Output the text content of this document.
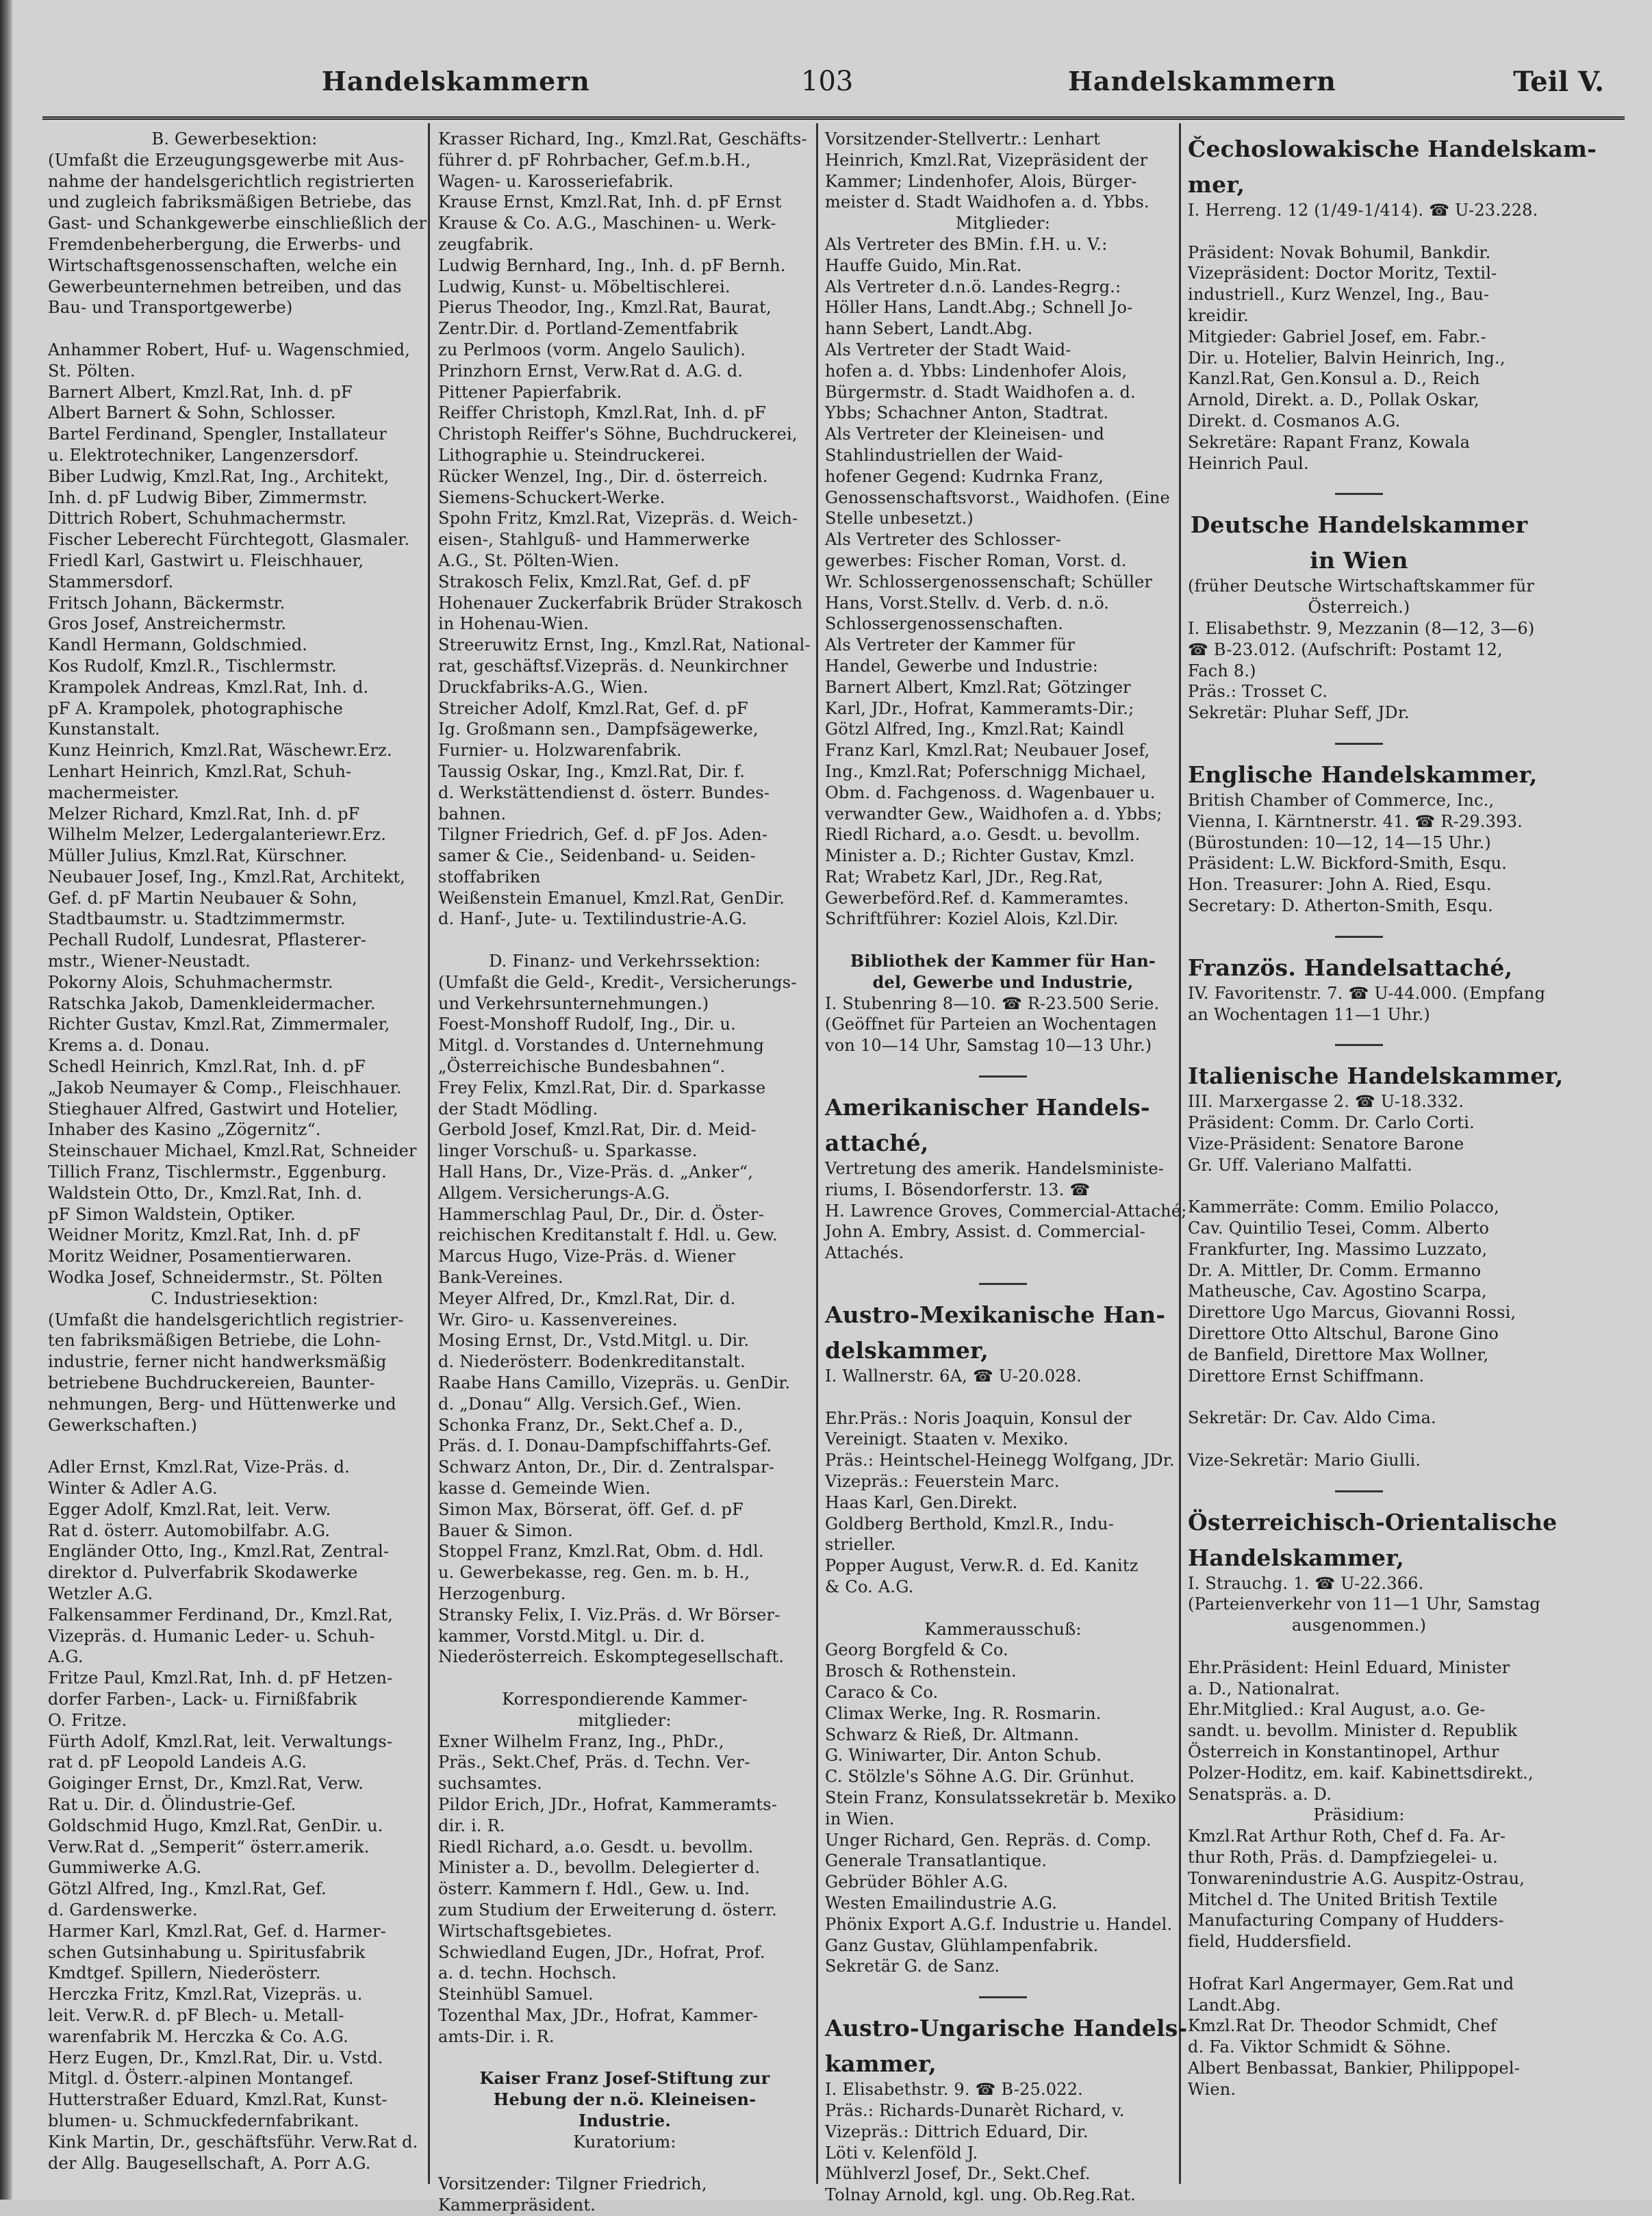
Handelskammern	103	Handelskammern	Teil V.
B. Gewerbesektion:
(Umfaßt die Erzeugungsgewerbe mit Aus-
nahme der handelsgerichtlich registrierten
und zugleich fabriksmäßigen Betriebe, das
Gast- und Schankgewerbe einschließlich der
Fremdenbeherbergung, die Erwerbs- und
Wirtschaftsgenossenschaften, welche ein
Gewerbeunternehmen betreiben, und das
Bau- und Transportgewerbe)

Anhammer Robert, Huf- u. Wagenschmied,
St. Pölten.
Barnert Albert, Kmzl.Rat, Inh. d. pF
Albert Barnert & Sohn, Schlosser.
Bartel Ferdinand, Spengler, Installateur
u. Elektrotechniker, Langenzersdorf.
Biber Ludwig, Kmzl.Rat, Ing., Architekt,
Inh. d. pF Ludwig Biber, Zimmermstr.
Dittrich Robert, Schuhmachermstr.
Fischer Leberecht Fürchtegott, Glasmaler.
Friedl Karl, Gastwirt u. Fleischhauer,
Stammersdorf.
Fritsch Johann, Bäckermstr.
Gros Josef, Anstreichermstr.
Kandl Hermann, Goldschmied.
Kos Rudolf, Kmzl.R., Tischlermstr.
Krampolek Andreas, Kmzl.Rat, Inh. d.
pF A. Krampolek, photographische
Kunstanstalt.
Kunz Heinrich, Kmzl.Rat, Wäschewr.Erz.
Lenhart Heinrich, Kmzl.Rat, Schuh-
machermeister.
Melzer Richard, Kmzl.Rat, Inh. d. pF
Wilhelm Melzer, Ledergalanteriewr.Erz.
Müller Julius, Kmzl.Rat, Kürschner.
Neubauer Josef, Ing., Kmzl.Rat, Architekt,
Gef. d. pF Martin Neubauer & Sohn,
Stadtbaumstr. u. Stadtzimmermstr.
Pechall Rudolf, Lundesrat, Pflasterer-
mstr., Wiener-Neustadt.
Pokorny Alois, Schuhmachermstr.
Ratschka Jakob, Damenkleidermacher.
Richter Gustav, Kmzl.Rat, Zimmermaler,
Krems a. d. Donau.
Schedl Heinrich, Kmzl.Rat, Inh. d. pF
„Jakob Neumayer & Comp., Fleischhauer.
Stieghauer Alfred, Gastwirt und Hotelier,
Inhaber des Kasino „Zögernitz“.
Steinschauer Michael, Kmzl.Rat, Schneider
Tillich Franz, Tischlermstr., Eggenburg.
Waldstein Otto, Dr., Kmzl.Rat, Inh. d.
pF Simon Waldstein, Optiker.
Weidner Moritz, Kmzl.Rat, Inh. d. pF
Moritz Weidner, Posamentierwaren.
Wodka Josef, Schneidermstr., St. Pölten
C. Industriesektion:
(Umfaßt die handelsgerichtlich registrier-
ten fabriksmäßigen Betriebe, die Lohn-
industrie, ferner nicht handwerksmäßig
betriebene Buchdruckereien, Baunter-
nehmungen, Berg- und Hüttenwerke und
Gewerkschaften.)

Adler Ernst, Kmzl.Rat, Vize-Präs. d.
Winter & Adler A.G.
Egger Adolf, Kmzl.Rat, leit. Verw.
Rat d. österr. Automobilfabr. A.G.
Engländer Otto, Ing., Kmzl.Rat, Zentral-
direktor d. Pulverfabrik Skodawerke
Wetzler A.G.
Falkensammer Ferdinand, Dr., Kmzl.Rat,
Vizepräs. d. Humanic Leder- u. Schuh-
A.G.
Fritze Paul, Kmzl.Rat, Inh. d. pF Hetzen-
dorfer Farben-, Lack- u. Firnißfabrik
O. Fritze.
Fürth Adolf, Kmzl.Rat, leit. Verwaltungs-
rat d. pF Leopold Landeis A.G.
Goiginger Ernst, Dr., Kmzl.Rat, Verw.
Rat u. Dir. d. Ölindustrie-Gef.
Goldschmid Hugo, Kmzl.Rat, GenDir. u.
Verw.Rat d. „Semperit“ österr.amerik.
Gummiwerke A.G.
Götzl Alfred, Ing., Kmzl.Rat, Gef.
d. Gardenswerke.
Harmer Karl, Kmzl.Rat, Gef. d. Harmer-
schen Gutsinhabung u. Spiritusfabrik
Kmdtgef. Spillern, Niederösterr.
Herczka Fritz, Kmzl.Rat, Vizepräs. u.
leit. Verw.R. d. pF Blech- u. Metall-
warenfabrik M. Herczka & Co. A.G.
Herz Eugen, Dr., Kmzl.Rat, Dir. u. Vstd.
Mitgl. d. Österr.-alpinen Montangef.
Hutterstraßer Eduard, Kmzl.Rat, Kunst-
blumen- u. Schmuckfedernfabrikant.
Kink Martin, Dr., geschäftsführ. Verw.Rat d.
der Allg. Baugesellschaft, A. Porr A.G.
Krasser Richard, Ing., Kmzl.Rat, Geschäfts-
führer d. pF Rohrbacher, Gef.m.b.H.,
Wagen- u. Karosseriefabrik.
Krause Ernst, Kmzl.Rat, Inh. d. pF Ernst
Krause & Co. A.G., Maschinen- u. Werk-
zeugfabrik.
Ludwig Bernhard, Ing., Inh. d. pF Bernh.
Ludwig, Kunst- u. Möbeltischlerei.
Pierus Theodor, Ing., Kmzl.Rat, Baurat,
Zentr.Dir. d. Portland-Zementfabrik
zu Perlmoos (vorm. Angelo Saulich).
Prinzhorn Ernst, Verw.Rat d. A.G. d.
Pittener Papierfabrik.
Reiffer Christoph, Kmzl.Rat, Inh. d. pF
Christoph Reiffer's Söhne, Buchdruckerei,
Lithographie u. Steindruckerei.
Rücker Wenzel, Ing., Dir. d. österreich.
Siemens-Schuckert-Werke.
Spohn Fritz, Kmzl.Rat, Vizepräs. d. Weich-
eisen-, Stahlguß- und Hammerwerke
A.G., St. Pölten-Wien.
Strakosch Felix, Kmzl.Rat, Gef. d. pF
Hohenauer Zuckerfabrik Brüder Strakosch
in Hohenau-Wien.
Streeruwitz Ernst, Ing., Kmzl.Rat, National-
rat, geschäftsf.Vizepräs. d. Neunkirchner
Druckfabriks-A.G., Wien.
Streicher Adolf, Kmzl.Rat, Gef. d. pF
Ig. Großmann sen., Dampfsägewerke,
Furnier- u. Holzwarenfabrik.
Taussig Oskar, Ing., Kmzl.Rat, Dir. f.
d. Werkstättendienst d. österr. Bundes-
bahnen.
Tilgner Friedrich, Gef. d. pF Jos. Aden-
samer & Cie., Seidenband- u. Seiden-
stoffabriken
Weißenstein Emanuel, Kmzl.Rat, GenDir.
d. Hanf-, Jute- u. Textilindustrie-A.G.

D. Finanz- und Verkehrssektion:
(Umfaßt die Geld-, Kredit-, Versicherungs-
und Verkehrsunternehmungen.)
Foest-Monshoff Rudolf, Ing., Dir. u.
Mitgl. d. Vorstandes d. Unternehmung
„Österreichische Bundesbahnen“.
Frey Felix, Kmzl.Rat, Dir. d. Sparkasse
der Stadt Mödling.
Gerbold Josef, Kmzl.Rat, Dir. d. Meid-
linger Vorschuß- u. Sparkasse.
Hall Hans, Dr., Vize-Präs. d. „Anker“,
Allgem. Versicherungs-A.G.
Hammerschlag Paul, Dr., Dir. d. Öster-
reichischen Kreditanstalt f. Hdl. u. Gew.
Marcus Hugo, Vize-Präs. d. Wiener
Bank-Vereines.
Meyer Alfred, Dr., Kmzl.Rat, Dir. d.
Wr. Giro- u. Kassenvereines.
Mosing Ernst, Dr., Vstd.Mitgl. u. Dir.
d. Niederösterr. Bodenkreditanstalt.
Raabe Hans Camillo, Vizepräs. u. GenDir.
d. „Donau“ Allg. Versich.Gef., Wien.
Schonka Franz, Dr., Sekt.Chef a. D.,
Präs. d. I. Donau-Dampfschiffahrts-Gef.
Schwarz Anton, Dr., Dir. d. Zentralspar-
kasse d. Gemeinde Wien.
Simon Max, Börserat, öff. Gef. d. pF
Bauer & Simon.
Stoppel Franz, Kmzl.Rat, Obm. d. Hdl.
u. Gewerbekasse, reg. Gen. m. b. H.,
Herzogenburg.
Stransky Felix, I. Viz.Präs. d. Wr Börser-
kammer, Vorstd.Mitgl. u. Dir. d.
Niederösterreich. Eskomptegesellschaft.

Korrespondierende Kammer-
mitglieder:
Exner Wilhelm Franz, Ing., PhDr.,
Präs., Sekt.Chef, Präs. d. Techn. Ver-
suchsamtes.
Pildor Erich, JDr., Hofrat, Kammeramts-
dir. i. R.
Riedl Richard, a.o. Gesdt. u. bevollm.
Minister a. D., bevollm. Delegierter d.
österr. Kammern f. Hdl., Gew. u. Ind.
zum Studium der Erweiterung d. österr.
Wirtschaftsgebietes.
Schwiedland Eugen, JDr., Hofrat, Prof.
a. d. techn. Hochsch.
Steinhübl Samuel.
Tozenthal Max, JDr., Hofrat, Kammer-
amts-Dir. i. R.

Kaiser Franz Josef-Stiftung zur
Hebung der n.ö. Kleineisen-
Industrie.
Kuratorium:

Vorsitzender: Tilgner Friedrich,
Kammerpräsident.
Vorsitzender-Stellvertr.: Lenhart
Heinrich, Kmzl.Rat, Vizepräsident der
Kammer; Lindenhofer, Alois, Bürger-
meister d. Stadt Waidhofen a. d. Ybbs.
Mitglieder:
Als Vertreter des BMin. f.H. u. V.:
Hauffe Guido, Min.Rat.
Als Vertreter d.n.ö. Landes-Regrg.:
Höller Hans, Landt.Abg.; Schnell Jo-
hann Sebert, Landt.Abg.
Als Vertreter der Stadt Waid-
hofen a. d. Ybbs: Lindenhofer Alois,
Bürgermstr. d. Stadt Waidhofen a. d.
Ybbs; Schachner Anton, Stadtrat.
Als Vertreter der Kleineisen- und
Stahlindustriellen der Waid-
hofener Gegend: Kudrnka Franz,
Genossenschaftsvorst., Waidhofen. (Eine
Stelle unbesetzt.)
Als Vertreter des Schlosser-
gewerbes: Fischer Roman, Vorst. d.
Wr. Schlossergenossenschaft; Schüller
Hans, Vorst.Stellv. d. Verb. d. n.ö.
Schlossergenossenschaften.
Als Vertreter der Kammer für
Handel, Gewerbe und Industrie:
Barnert Albert, Kmzl.Rat; Götzinger
Karl, JDr., Hofrat, Kammeramts-Dir.;
Götzl Alfred, Ing., Kmzl.Rat; Kaindl
Franz Karl, Kmzl.Rat; Neubauer Josef,
Ing., Kmzl.Rat; Poferschnigg Michael,
Obm. d. Fachgenoss. d. Wagenbauer u.
verwandter Gew., Waidhofen a. d. Ybbs;
Riedl Richard, a.o. Gesdt. u. bevollm.
Minister a. D.; Richter Gustav, Kmzl.
Rat; Wrabetz Karl, JDr., Reg.Rat,
Gewerbeförd.Ref. d. Kammeramtes.
Schriftführer: Koziel Alois, Kzl.Dir.

Bibliothek der Kammer für Han-
del, Gewerbe und Industrie,
I. Stubenring 8—10. ☎ R-23.500 Serie.
(Geöffnet für Parteien an Wochentagen
von 10—14 Uhr, Samstag 10—13 Uhr.)
Amerikanischer Handels-
attaché,
Vertretung des amerik. Handelsministe-
riums, I. Bösendorferstr. 13. ☎
H. Lawrence Groves, Commercial-Attaché;
John A. Embry, Assist. d. Commercial-
Attachés.
Austro-Mexikanische Han-
delskammer,
I. Wallnerstr. 6A, ☎ U-20.028.

Ehr.Präs.: Noris Joaquin, Konsul der
Vereinigt. Staaten v. Mexiko.
Präs.: Heintschel-Heinegg Wolfgang, JDr.
Vizepräs.: Feuerstein Marc.
Haas Karl, Gen.Direkt.
Goldberg Berthold, Kmzl.R., Indu-
strieller.
Popper August, Verw.R. d. Ed. Kanitz
& Co. A.G.

Kammerausschuß:
Georg Borgfeld & Co.
Brosch & Rothenstein.
Caraco & Co.
Climax Werke, Ing. R. Rosmarin.
Schwarz & Rieß, Dr. Altmann.
G. Winiwarter, Dir. Anton Schub.
C. Stölzle's Söhne A.G. Dir. Grünhut.
Stein Franz, Konsulatssekretär b. Mexiko
in Wien.
Unger Richard, Gen. Repräs. d. Comp.
Generale Transatlantique.
Gebrüder Böhler A.G.
Westen Emailindustrie A.G.
Phönix Export A.G.f. Industrie u. Handel.
Ganz Gustav, Glühlampenfabrik.
Sekretär G. de Sanz.
Austro-Ungarische Handels-
kammer,
I. Elisabethstr. 9. ☎ B-25.022.
Präs.: Richards-Dunarèt Richard, v.
Vizepräs.: Dittrich Eduard, Dir.
Löti v. Kelenföld J.
Mühlverzl Josef, Dr., Sekt.Chef.
Tolnay Arnold, kgl. ung. Ob.Reg.Rat.
Čechoslowakische Handelskam-
mer,
I. Herreng. 12 (1/49-1/414). ☎ U-23.228.

Präsident: Novak Bohumil, Bankdir.
Vizepräsident: Doctor Moritz, Textil-
industriell., Kurz Wenzel, Ing., Bau-
kreidir.
Mitgieder: Gabriel Josef, em. Fabr.-
Dir. u. Hotelier, Balvin Heinrich, Ing.,
Kanzl.Rat, Gen.Konsul a. D., Reich
Arnold, Direkt. a. D., Pollak Oskar,
Direkt. d. Cosmanos A.G.
Sekretäre: Rapant Franz, Kowala
Heinrich Paul.
Deutsche Handelskammer
in Wien
(früher Deutsche Wirtschaftskammer für
Österreich.)
I. Elisabethstr. 9, Mezzanin (8—12, 3—6)
☎ B-23.012. (Aufschrift: Postamt 12,
Fach 8.)
Präs.: Trosset C.
Sekretär: Pluhar Seff, JDr.
Englische Handelskammer,
British Chamber of Commerce, Inc.,
Vienna, I. Kärntnerstr. 41. ☎ R-29.393.
(Bürostunden: 10—12, 14—15 Uhr.)
Präsident: L.W. Bickford-Smith, Esqu.
Hon. Treasurer: John A. Ried, Esqu.
Secretary: D. Atherton-Smith, Esqu.
Französ. Handelsattaché,
IV. Favoritenstr. 7. ☎ U-44.000. (Empfang
an Wochentagen 11—1 Uhr.)
Italienische Handelskammer,
III. Marxergasse 2. ☎ U-18.332.
Präsident: Comm. Dr. Carlo Corti.
Vize-Präsident: Senatore Barone
Gr. Uff. Valeriano Malfatti.

Kammerräte: Comm. Emilio Polacco,
Cav. Quintilio Tesei, Comm. Alberto
Frankfurter, Ing. Massimo Luzzato,
Dr. A. Mittler, Dr. Comm. Ermanno
Matheusche, Cav. Agostino Scarpa,
Direttore Ugo Marcus, Giovanni Rossi,
Direttore Otto Altschul, Barone Gino
de Banfield, Direttore Max Wollner,
Direttore Ernst Schiffmann.

Sekretär: Dr. Cav. Aldo Cima.

Vize-Sekretär: Mario Giulli.
Österreichisch-Orientalische
Handelskammer,
I. Strauchg. 1. ☎ U-22.366.
(Parteienverkehr von 11—1 Uhr, Samstag
ausgenommen.)

Ehr.Präsident: Heinl Eduard, Minister
a. D., Nationalrat.
Ehr.Mitglied.: Kral August, a.o. Ge-
sandt. u. bevollm. Minister d. Republik
Österreich in Konstantinopel, Arthur
Polzer-Hoditz, em. kaif. Kabinettsdirekt.,
Senatspräs. a. D.
Präsidium:
Kmzl.Rat Arthur Roth, Chef d. Fa. Ar-
thur Roth, Präs. d. Dampfziegelei- u.
Tonwarenindustrie A.G. Auspitz-Ostrau,
Mitchel d. The United British Textile
Manufacturing Company of Hudders-
field, Huddersfield.

Hofrat Karl Angermayer, Gem.Rat und
Landt.Abg.
Kmzl.Rat Dr. Theodor Schmidt, Chef
d. Fa. Viktor Schmidt & Söhne.
Albert Benbassat, Bankier, Philippopel-
Wien.
